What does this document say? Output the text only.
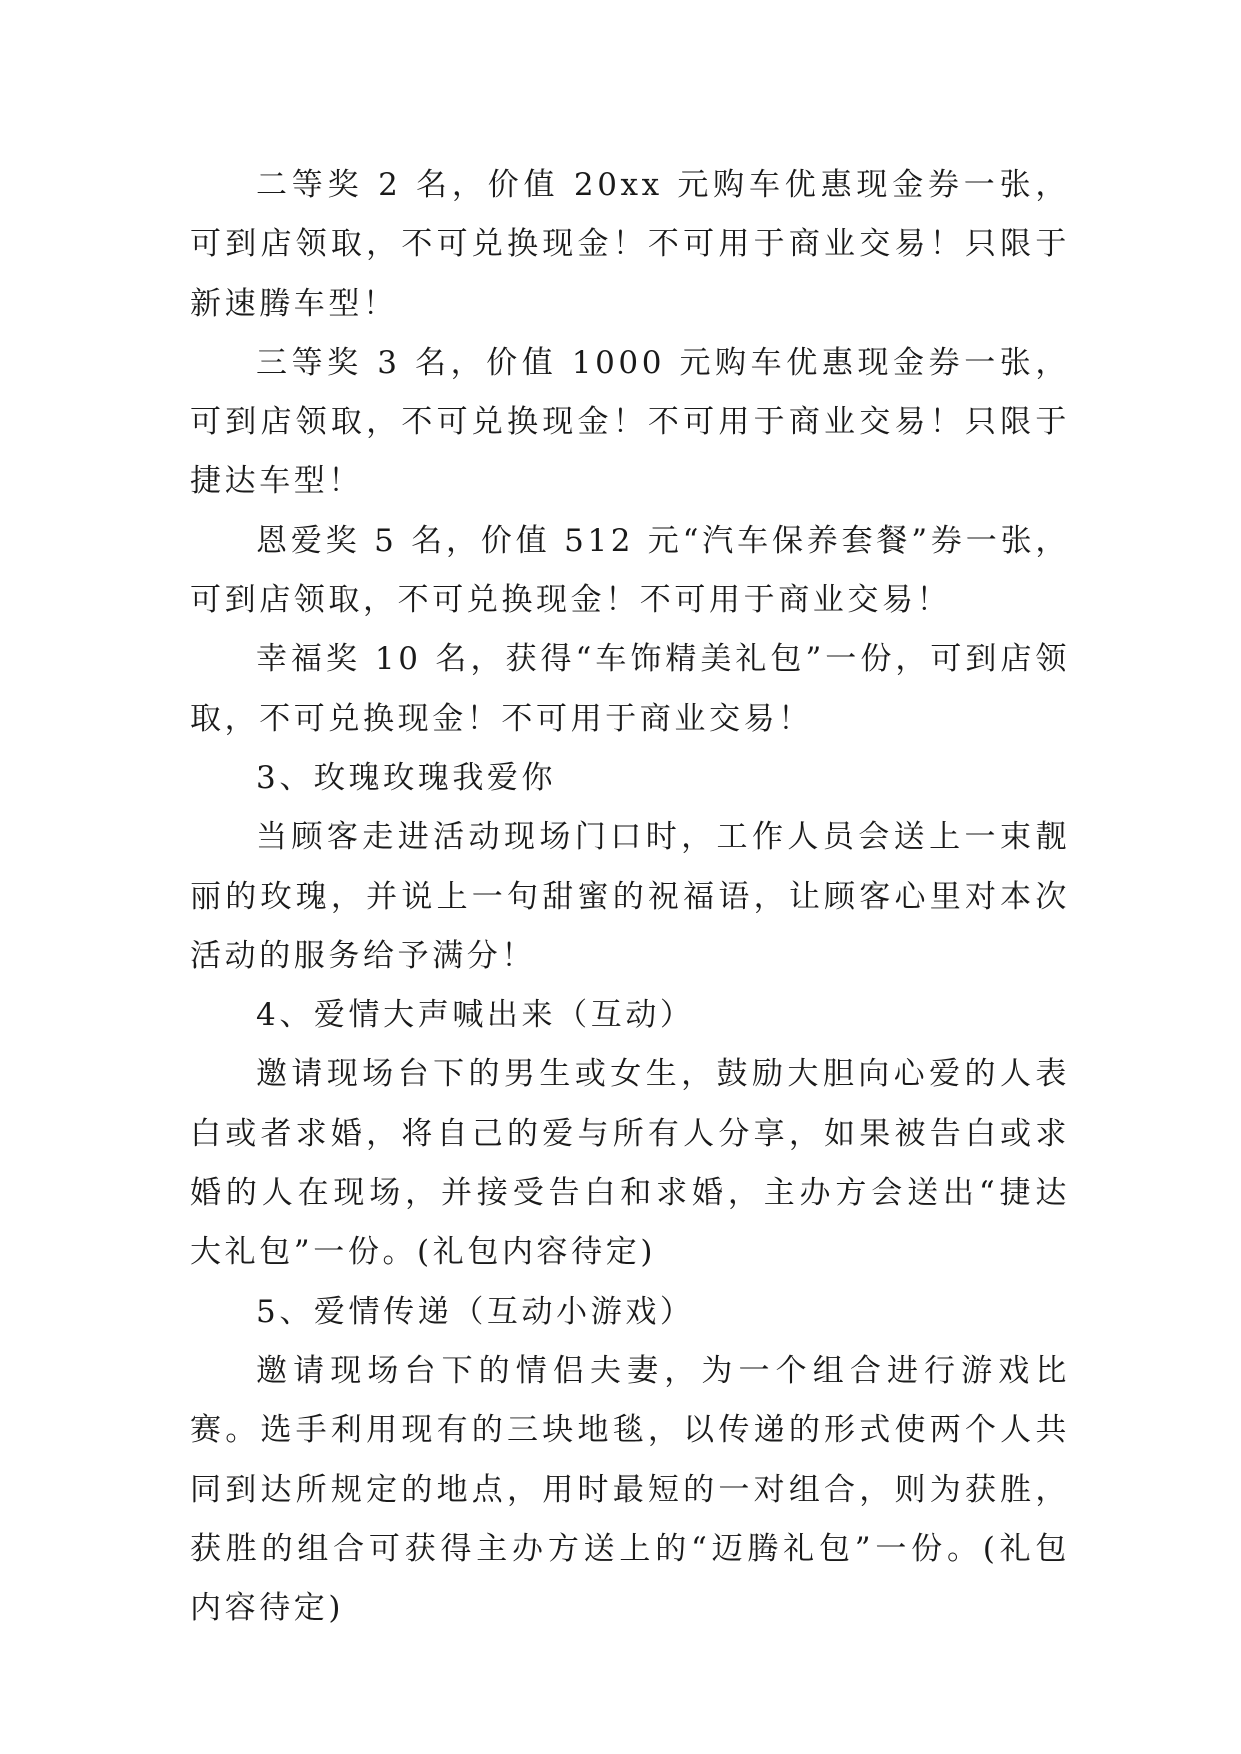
二等奖 2 名，价值 20xx 元购车优惠现金券一张，可到店领取，不可兑换现金！不可用于商业交易！只限于新速腾车型！

三等奖 3 名，价值 1000 元购车优惠现金券一张，可到店领取，不可兑换现金！不可用于商业交易！只限于捷达车型！

恩爱奖 5 名，价值 512 元“汽车保养套餐”券一张，可到店领取，不可兑换现金！不可用于商业交易！

幸福奖 10 名，获得“车饰精美礼包”一份，可到店领取，不可兑换现金！不可用于商业交易！

3、玫瑰玫瑰我爱你

当顾客走进活动现场门口时，工作人员会送上一束靓丽的玫瑰，并说上一句甜蜜的祝福语，让顾客心里对本次活动的服务给予满分！

4、爱情大声喊出来（互动）

邀请现场台下的男生或女生，鼓励大胆向心爱的人表白或者求婚，将自己的爱与所有人分享，如果被告白或求婚的人在现场，并接受告白和求婚，主办方会送出“捷达大礼包”一份。(礼包内容待定)

5、爱情传递（互动小游戏）

邀请现场台下的情侣夫妻，为一个组合进行游戏比赛。选手利用现有的三块地毯，以传递的形式使两个人共同到达所规定的地点，用时最短的一对组合，则为获胜，获胜的组合可获得主办方送上的“迈腾礼包”一份。(礼包内容待定)
